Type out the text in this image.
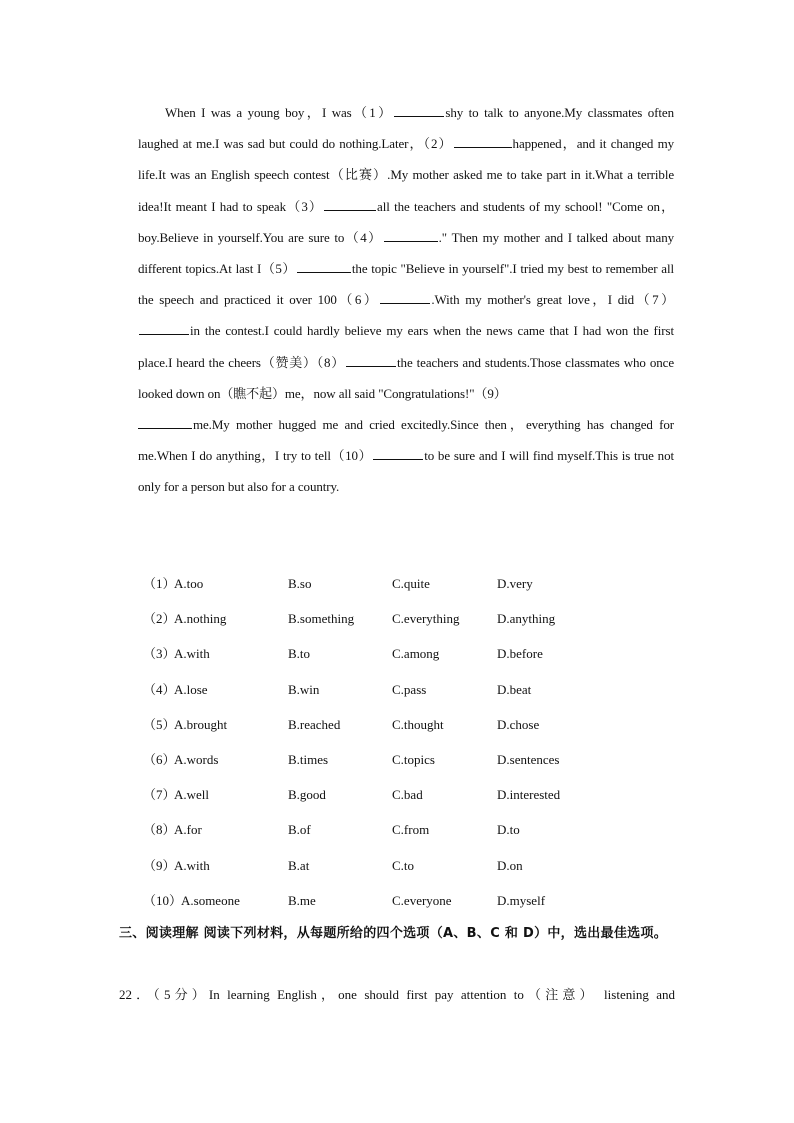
When I was a young boy，I was（1）	shy to talk to anyone.My classmates often laughed at me.I was sad but could do nothing.Later，（2）	happened，and it changed my life.It was an English speech contest（比赛）.My mother asked me to take part in it.What a terrible idea!It meant I had to speak（3）	all the teachers and students of my school! "Come on，boy.Believe in yourself.You are sure to（4）	." Then my mother and I talked about many different topics.At last I（5）	the topic "Believe in yourself".I tried my best to remember all the speech and practiced it over 100（6）	.With my mother's great love，I did（7）in the contest.I could hardly believe my ears when the news came that I had won the first place.I heard the cheers（赞美）（8）	the teachers and students.Those classmates who once looked down on（瞧不起）me，now all said "Congratulations!"（9）

me.My mother hugged me and cried excitedly.Since then，everything has changed for me.When I do anything，I try to tell（10）	to be sure and I will find myself.This is true not only for a person but also for a country.

（1）
A.too	B.so	C.quite	D.very
（2）
A.nothing	B.something	C.everything	D.anything
（3）
A.with	B.to	C.among	D.before
（4）
A.lose	B.win	C.pass	D.beat
（5）
A.brought	B.reached	C.thought	D.chose
（6）
A.words	B.times	C.topics	D.sentences
（7）
A.well	B.good	C.bad	D.interested
（8）
A.for	B.of	C.from	D.to
（9）
A.with	B.at	C.to	D.on
（10）
A.someone	B.me	C.everyone	D.myself
三、阅读理解 阅读下列材料，从每题所给的四个选项（A、B、C 和 D）中，选出最佳选项。
22．（5分）In learning English，one should first pay attention to（注意） listening and
